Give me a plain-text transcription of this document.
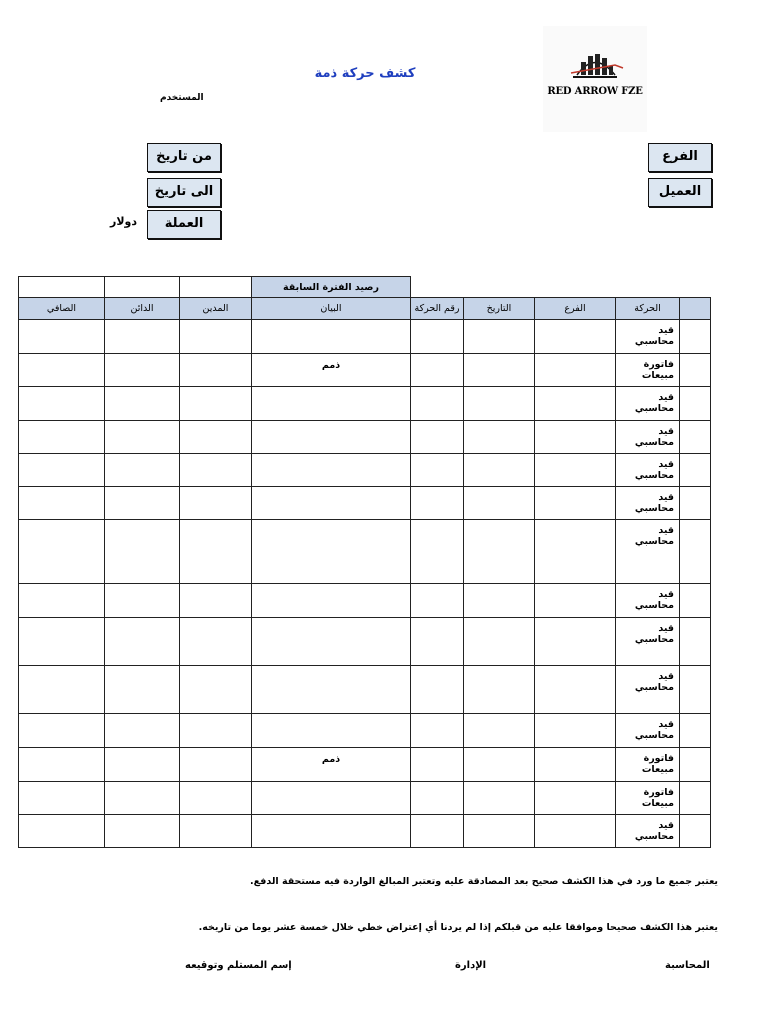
كشف حركة ذمة
المستخدم
RED ARROW FZE
من تاريخ
الى تاريخ
العملة
دولار
الفرع
العميل
			رصيد الفترة السابقة					
الصافي	الدائن	المدين	البيان	رقم الحركة	التاريخ	الفرع	الحركة	
							قيد محاسبي	
			ذمم				فاتورة مبيعات	
							قيد محاسبي	
							قيد محاسبي	
							قيد محاسبي	
							قيد محاسبي	
							قيد محاسبي	
							قيد محاسبي	
							قيد محاسبي	
							قيد محاسبي	
							قيد محاسبي	
			ذمم				فاتورة مبيعات	
							فاتورة مبيعات	
							قيد محاسبي	
يعتبر جميع ما ورد في هذا الكشف صحيح بعد المصادقة عليه وتعتبر المبالغ الواردة فيه مستحقة الدفع.
يعتبر هذا الكشف صحيحا وموافقا عليه من قبلكم إذا لم يردنا أي إعتراض خطي خلال خمسة عشر يوما من تاريخه.
المحاسبة
الإدارة
إسم المستلم وتوقيعه
